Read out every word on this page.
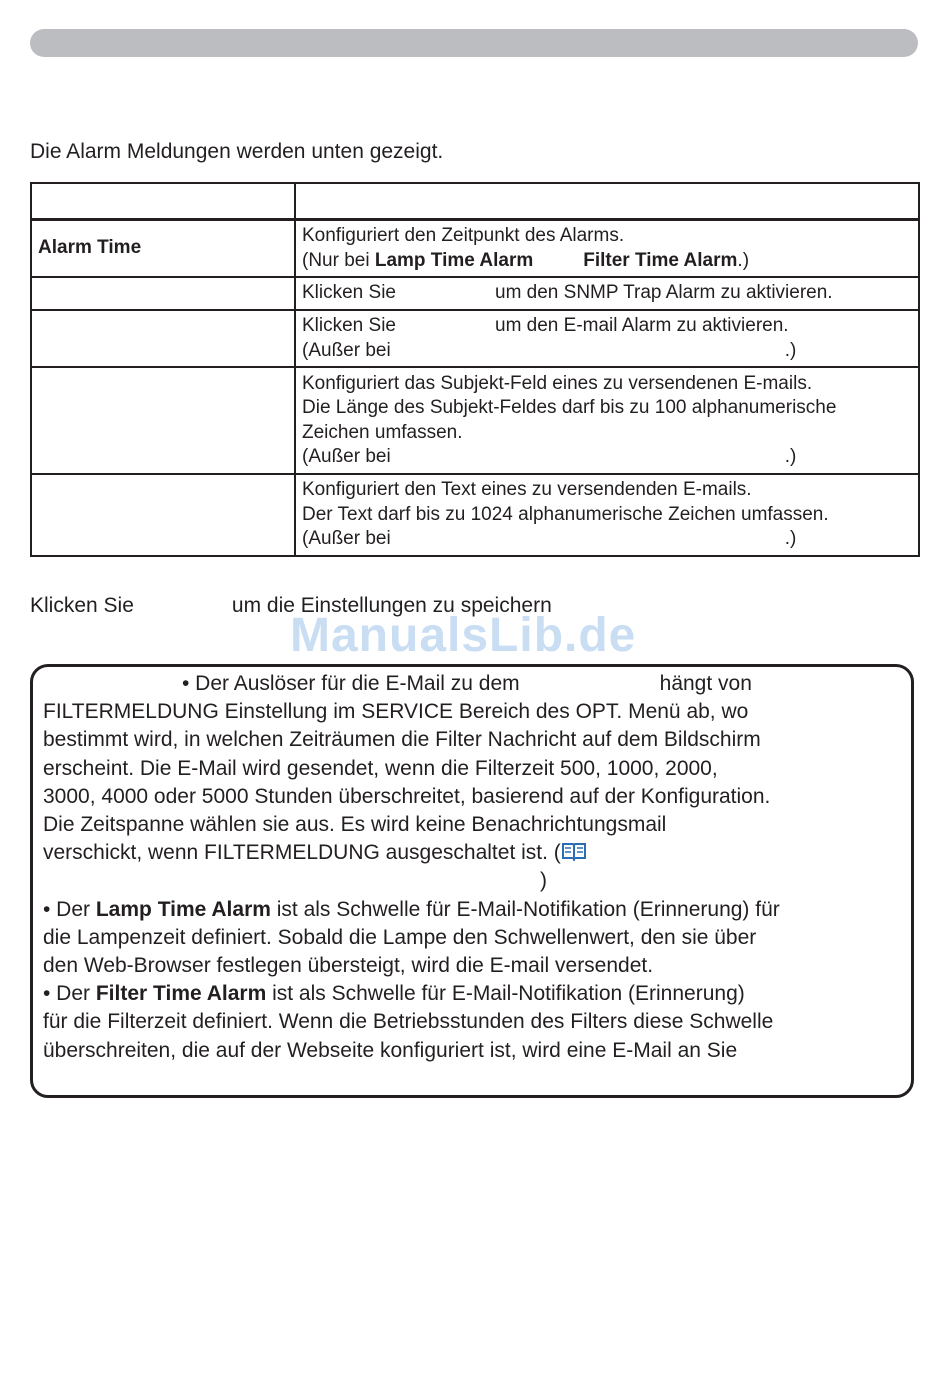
Die Alarm Meldungen werden unten gezeigt.

Alarm Time	Konfiguriert den Zeitpunkt des Alarms.
(Nur bei Lamp Time Alarm Filter Time Alarm.)

	Klicken Sie um den SNMP Trap Alarm zu aktivieren.

	Klicken Sie um den E-mail Alarm zu aktivieren.
(Außer bei .)

	Konfiguriert das Subjekt-Feld eines zu versendenen E-mails.
Die Länge des Subjekt-Feldes darf bis zu 100 alphanumerische
Zeichen umfassen.
(Außer bei .)

	Konfiguriert den Text eines zu versendenden E-mails.
Der Text darf bis zu 1024 alphanumerische Zeichen umfassen.
(Außer bei .)

Klicken Sie	um die Einstellungen zu speichern

ManualsLib.de

• Der Auslöser für die E-Mail zu dem	hängt von

FILTERMELDUNG Einstellung im SERVICE Bereich des OPT. Menü ab, wo

bestimmt wird, in welchen Zeiträumen die Filter Nachricht auf dem Bildschirm

erscheint. Die E-Mail wird gesendet, wenn die Filterzeit 500, 1000, 2000,

3000, 4000 oder 5000 Stunden überschreitet, basierend auf der Konfiguration.

Die Zeitspanne wählen sie aus. Es wird keine Benachrichtungsmail

verschickt, wenn FILTERMELDUNG ausgeschaltet ist. (

)

• Der Lamp Time Alarm ist als Schwelle für E-Mail-Notifikation (Erinnerung) für

die Lampenzeit definiert. Sobald die Lampe den Schwellenwert, den sie über

den Web-Browser festlegen übersteigt, wird die E-mail versendet.

• Der Filter Time Alarm ist als Schwelle für E-Mail-Notifikation (Erinnerung)

für die Filterzeit definiert. Wenn die Betriebsstunden des Filters diese Schwelle

überschreiten, die auf der Webseite konfiguriert ist, wird eine E-Mail an Sie
